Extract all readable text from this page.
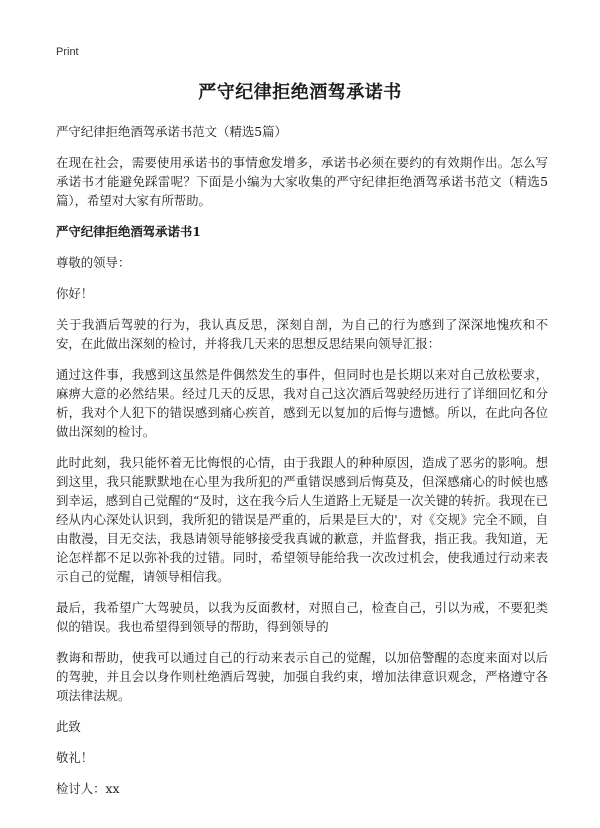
Print
严守纪律拒绝酒驾承诺书

严守纪律拒绝酒驾承诺书范文（精选5篇）

在现在社会，需要使用承诺书的事情愈发增多，承诺书必须在要约的有效期作出。怎么写承诺书才能避免踩雷呢？下面是小编为大家收集的严守纪律拒绝酒驾承诺书范文（精选5篇），希望对大家有所帮助。

严守纪律拒绝酒驾承诺书1

尊敬的领导：

你好！

关于我酒后驾驶的行为，我认真反思，深刻自剖，为自己的行为感到了深深地愧疚和不安，在此做出深刻的检讨，并将我几天来的思想反思结果向领导汇报：

通过这件事，我感到这虽然是件偶然发生的事件，但同时也是长期以来对自己放松要求，麻痹大意的必然结果。经过几天的反思，我对自己这次酒后驾驶经历进行了详细回忆和分析，我对个人犯下的错误感到痛心疾首，感到无以复加的后悔与遗憾。所以，在此向各位做出深刻的检讨。

此时此刻，我只能怀着无比悔恨的心情，由于我跟人的种种原因，造成了恶劣的影响。想到这里，我只能默默地在心里为我所犯的严重错误感到后悔莫及，但深感痛心的时候也感到幸运，感到自己觉醒的“及时，这在我今后人生道路上无疑是一次关键的转折。我现在已经从内心深处认识到，我所犯的错误是严重的，后果是巨大的'，对《交规》完全不顾，自由散漫，目无交法，我恳请领导能够接受我真诚的歉意，并监督我，指正我。我知道，无论怎样都不足以弥补我的过错。同时，希望领导能给我一次改过机会，使我通过行动来表示自己的觉醒，请领导相信我。

最后，我希望广大驾驶员，以我为反面教材，对照自己，检查自己，引以为戒，不要犯类似的错误。我也希望得到领导的帮助，得到领导的

教诲和帮助，使我可以通过自己的行动来表示自己的觉醒，以加倍警醒的态度来面对以后的驾驶，并且会以身作则杜绝酒后驾驶，加强自我约束，增加法律意识观念，严格遵守各项法律法规。

此致

敬礼！

检讨人：xx
